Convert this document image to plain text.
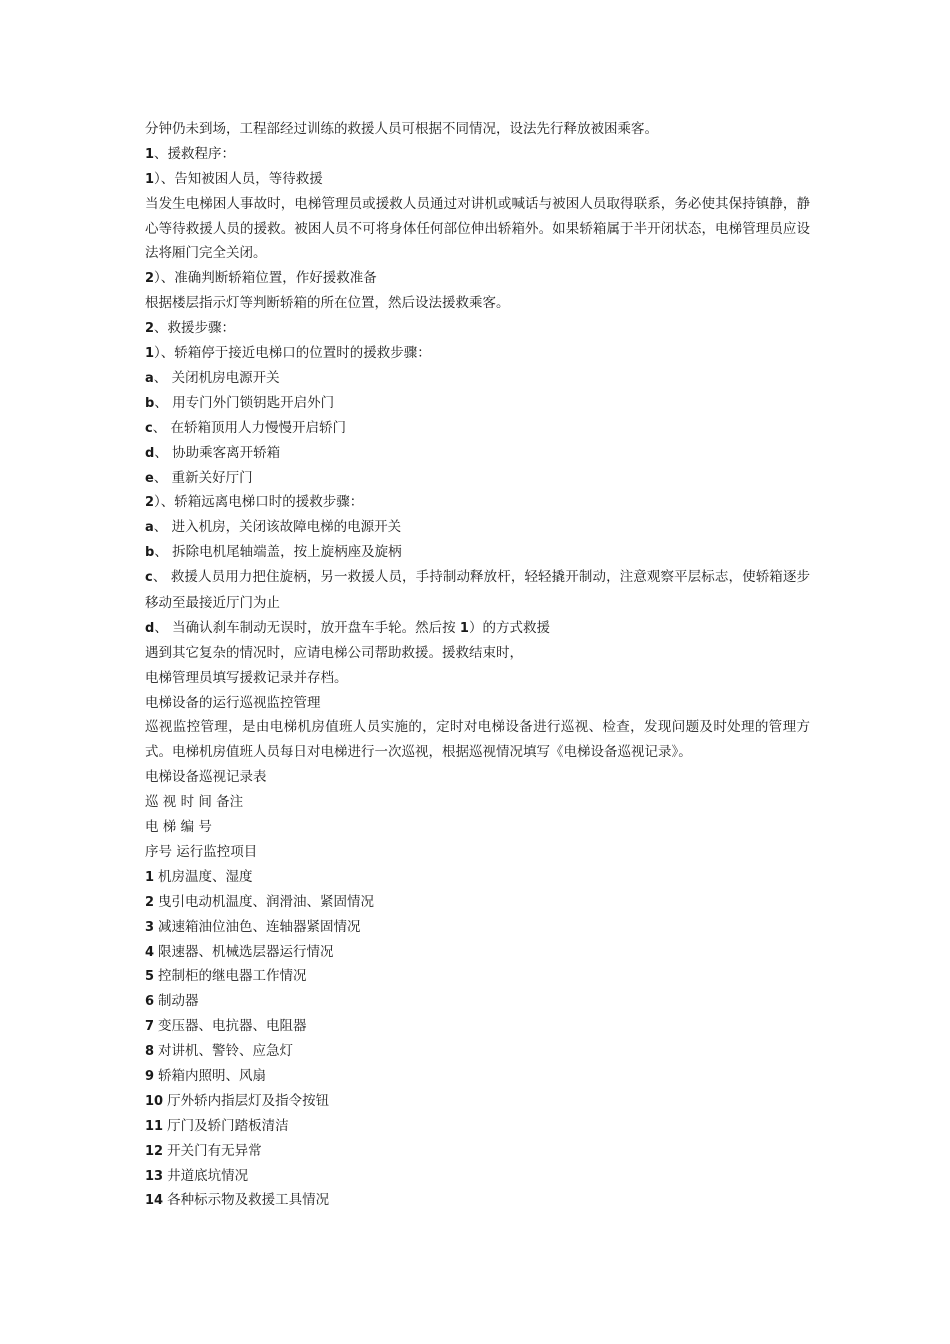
分钟仍未到场，工程部经过训练的救援人员可根据不同情况，设法先行释放被困乘客。
1、援救程序：
1）、告知被困人员，等待救援
当发生电梯困人事故时，电梯管理员或援救人员通过对讲机或喊话与被困人员取得联系，务必使其保持镇静，静心等待救援人员的援救。被困人员不可将身体任何部位伸出轿箱外。如果轿箱属于半开闭状态，电梯管理员应设法将厢门完全关闭。
2）、准确判断轿箱位置，作好援救准备
根据楼层指示灯等判断轿箱的所在位置，然后设法援救乘客。
2、救援步骤：
1）、轿箱停于接近电梯口的位置时的援救步骤：
a、 关闭机房电源开关
b、 用专门外门锁钥匙开启外门
c、 在轿箱顶用人力慢慢开启轿门
d、 协助乘客离开轿箱
e、 重新关好厅门
2）、轿箱远离电梯口时的援救步骤：
a、 进入机房，关闭该故障电梯的电源开关
b、 拆除电机尾轴端盖，按上旋柄座及旋柄
c、 救援人员用力把住旋柄，另一救援人员，手持制动释放杆，轻轻撬开制动，注意观察平层标志，使轿箱逐步移动至最接近厅门为止
d、 当确认刹车制动无误时，放开盘车手轮。然后按 1）的方式救援
遇到其它复杂的情况时，应请电梯公司帮助救援。援救结束时，
电梯管理员填写援救记录并存档。
电梯设备的运行巡视监控管理
巡视监控管理，是由电梯机房值班人员实施的，定时对电梯设备进行巡视、检查，发现问题及时处理的管理方式。电梯机房值班人员每日对电梯进行一次巡视，根据巡视情况填写《电梯设备巡视记录》。
电梯设备巡视记录表
巡 视 时 间 备注
电 梯 编 号
序号 运行监控项目
1 机房温度、湿度
2 曳引电动机温度、润滑油、紧固情况
3 减速箱油位油色、连轴器紧固情况
4 限速器、机械选层器运行情况
5 控制柜的继电器工作情况
6 制动器
7 变压器、电抗器、电阻器
8 对讲机、警铃、应急灯
9 轿箱内照明、风扇
10 厅外轿内指层灯及指令按钮
11 厅门及轿门踏板清洁
12 开关门有无异常
13 井道底坑情况
14 各种标示物及救援工具情况
